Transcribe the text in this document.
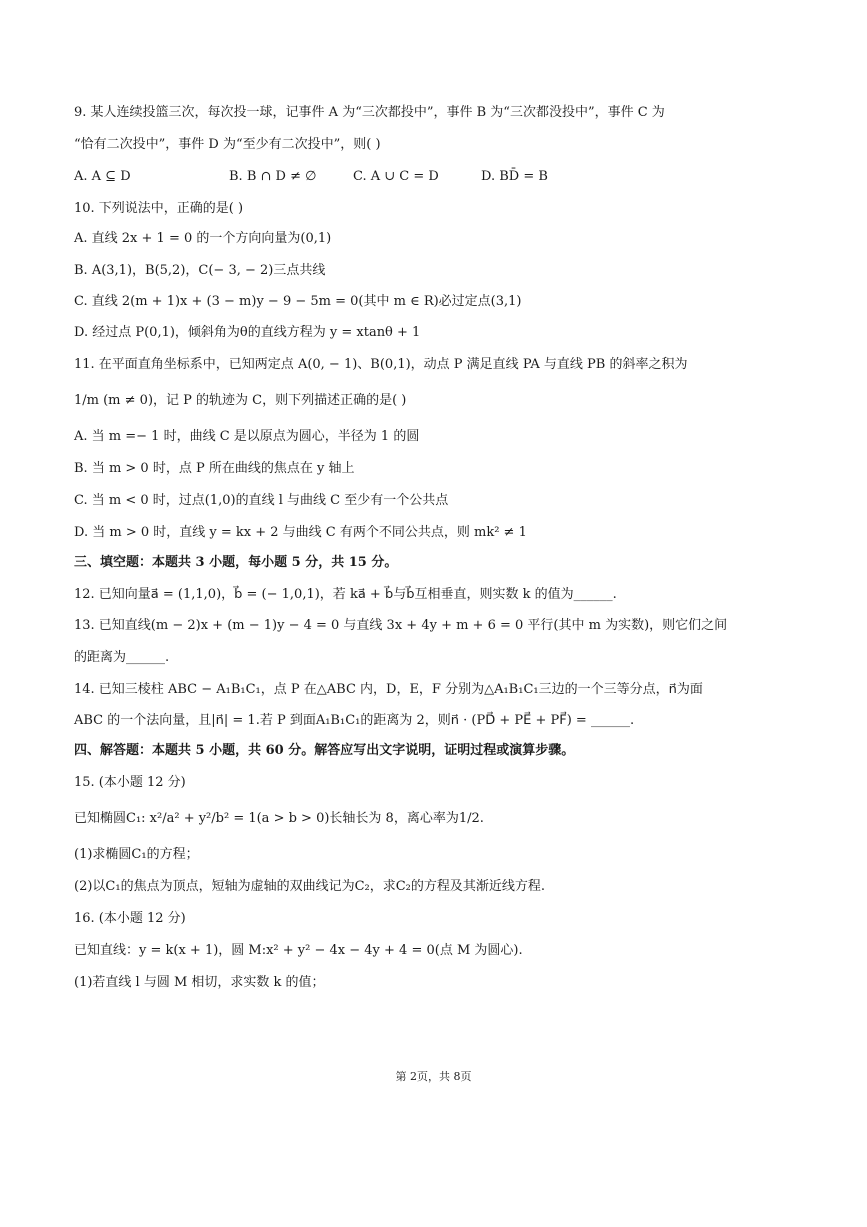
9. 某人连续投篮三次，每次投一球，记事件 A 为“三次都投中”，事件 B 为“三次都没投中”，事件 C 为
“恰有二次投中”，事件 D 为“至少有二次投中”，则( )
A. A ⊆ D	B. B ∩ D ≠ ∅	C. A ∪ C = D	D. BD̄ = B
10. 下列说法中，正确的是( )
A. 直线 2x + 1 = 0 的一个方向向量为(0,1)
B. A(3,1)，B(5,2)，C(− 3, − 2)三点共线
C. 直线 2(m + 1)x + (3 − m)y − 9 − 5m = 0(其中 m ∈ R)必过定点(3,1)
D. 经过点 P(0,1)，倾斜角为θ的直线方程为 y = xtanθ + 1
11. 在平面直角坐标系中，已知两定点 A(0, − 1)、B(0,1)，动点 P 满足直线 PA 与直线 PB 的斜率之积为
1/m (m ≠ 0)，记 P 的轨迹为 C，则下列描述正确的是( )
A. 当 m =− 1 时，曲线 C 是以原点为圆心，半径为 1 的圆
B. 当 m > 0 时，点 P 所在曲线的焦点在 y 轴上
C. 当 m < 0 时，过点(1,0)的直线 l 与曲线 C 至少有一个公共点
D. 当 m > 0 时，直线 y = kx + 2 与曲线 C 有两个不同公共点，则 mk² ≠ 1
三、填空题：本题共 3 小题，每小题 5 分，共 15 分。
12. 已知向量a⃗ = (1,1,0)，b⃗ = (− 1,0,1)，若 ka⃗ + b⃗与b⃗互相垂直，则实数 k 的值为______.
13. 已知直线(m − 2)x + (m − 1)y − 4 = 0 与直线 3x + 4y + m + 6 = 0 平行(其中 m 为实数)，则它们之间
的距离为______.
14. 已知三棱柱 ABC − A₁B₁C₁，点 P 在△ABC 内，D，E，F 分别为△A₁B₁C₁三边的一个三等分点，n⃗为面
ABC 的一个法向量，且|n⃗| = 1.若 P 到面A₁B₁C₁的距离为 2，则n⃗ · (PD⃗ + PE⃗ + PF⃗) = ______.
四、解答题：本题共 5 小题，共 60 分。解答应写出文字说明，证明过程或演算步骤。
15. (本小题 12 分)
已知椭圆C₁: x²/a² + y²/b² = 1(a > b > 0)长轴长为 8，离心率为1/2.
(1)求椭圆C₁的方程；
(2)以C₁的焦点为顶点，短轴为虚轴的双曲线记为C₂，求C₂的方程及其渐近线方程.
16. (本小题 12 分)
已知直线：y = k(x + 1)，圆 M:x² + y² − 4x − 4y + 4 = 0(点 M 为圆心).
(1)若直线 l 与圆 M 相切，求实数 k 的值；
第 2页，共 8页
